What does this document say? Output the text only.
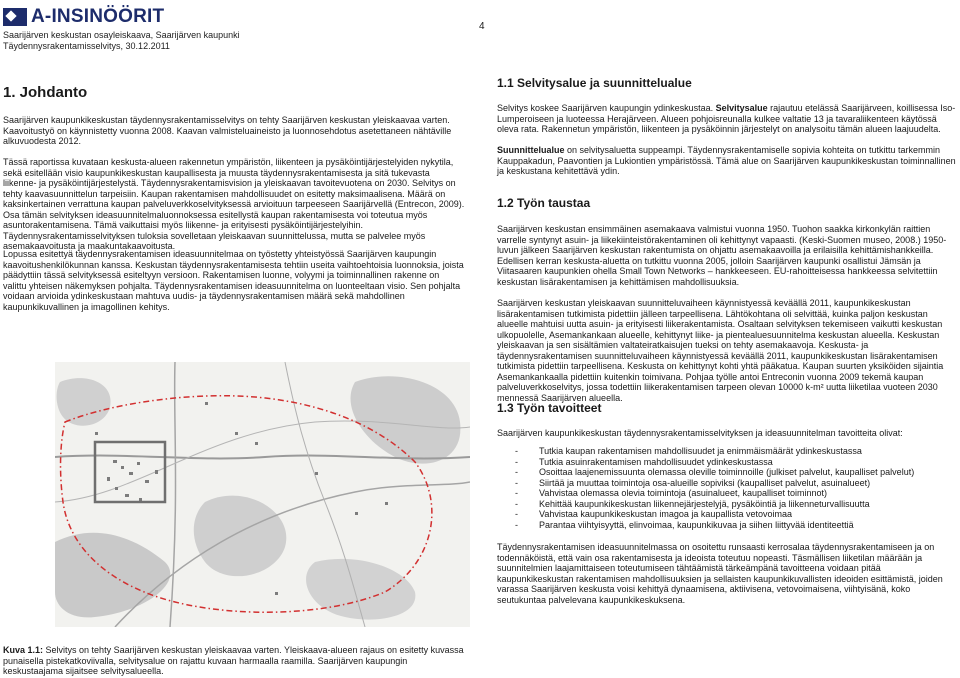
A-INSINÖÖRIT
Saarijärven keskustan osayleiskaava, Saarijärven kaupunki
Täydennysrakentamisselvitys, 30.12.2011
4
1. Johdanto

Saarijärven kaupunkikeskustan täydennysrakentamisselvitys on tehty Saarijärven keskustan yleiskaavaa varten. Kaavoitustyö on käynnistetty vuonna 2008. Kaavan valmisteluaineisto ja luonnosehdotus asetettaneen nähtäville alkuvuodesta 2012.

Tässä raportissa kuvataan keskusta-alueen rakennetun ympäristön, liikenteen ja pysäköintijärjestelyiden nykytila, sekä esitellään visio kaupunkikeskustan kaupallisesta ja muusta täydennysrakentamisesta ja sitä tukevasta liikenne- ja pysäköintijärjestelystä. Täydennysrakentamisvision ja yleiskaavan tavoitevuotena on 2030. Selvitys on tehty kaavasuunnittelun tarpeisiin. Kaupan rakentamisen mahdollisuudet on esitetty maksimaalisena. Määrä on kaksinkertainen verrattuna kaupan palveluverkkoselvityksessä arvioituun tarpeeseen Saarijärvellä (Entrecon, 2009). Osa tämän selvityksen ideasuunnitelmaluonnoksessa esitellystä kaupan rakentamisesta voi toteutua myös asuntorakentamisena. Tämä vaikuttaisi myös liikenne- ja erityisesti pysäköintijärjestelyihin. Täydennysrakentamisselvityksen tuloksia sovelletaan yleiskaavan suunnittelussa, mutta se palvelee myös asemakaavoitusta ja maakuntakaavoitusta.

Lopussa esitettyä täydennysrakentamisen ideasuunnitelmaa on työstetty yhteistyössä Saarijärven kaupungin kaavoitushenkilökunnan kanssa. Keskustan täydennysrakentamisesta tehtiin useita vaihtoehtoisia luonnoksia, joista päädyttiin tässä selvityksessä esiteltyyn versioon. Rakentamisen luonne, volyymi ja toiminnallinen rakenne on valittu yhteisen näkemyksen pohjalta. Täydennysrakentamisen ideasuunnitelma on luonteeltaan visio. Sen pohjalta voidaan arvioida ydinkeskustaan mahtuva uudis- ja täydennysrakentamisen määrä sekä mahdollinen kaupunkikuvallinen ja imagollinen kehitys.

1.1 Selvitysalue ja suunnittelualue

Selvitys koskee Saarijärven kaupungin ydinkeskustaa. Selvitysalue rajautuu etelässä Saarijärveen, koillisessa Iso-Lumperoiseen ja luoteessa Herajärveen. Alueen pohjoisreunalla kulkee valtatie 13 ja tavaraliikenteen käytössä oleva rata. Rakennetun ympäristön, liikenteen ja pysäköinnin järjestelyt on analysoitu tämän alueen laajuudelta.

Suunnittelualue on selvitysaluetta suppeampi. Täydennysrakentamiselle sopivia kohteita on tutkittu tarkemmin Kauppakadun, Paavontien ja Lukiontien ympäristössä. Tämä alue on Saarijärven kaupunkikeskustan toiminnallinen ja keskustana kehitettävä ydin.

1.2 Työn taustaa

Saarijärven keskustan ensimmäinen asemakaava valmistui vuonna 1950. Tuohon saakka kirkonkylän raittien varrelle syntynyt asuin- ja liikekiinteistörakentaminen oli kehittynyt vapaasti. (Keski-Suomen museo, 2008.) 1950-luvun jälkeen Saarijärven keskustan rakentumista on ohjattu asemakaavoilla ja erilaisilla kehittämishankkeilla. Edellisen kerran keskusta-aluetta on tutkittu vuonna 2005, jolloin Saarijärven kaupunki osallistui Jämsän ja Viitasaaren kaupunkien ohella Small Town Networks – hankkeeseen. EU-rahoitteisessa hankkeessa selvitettiin keskustan lisärakentamisen ja kehittämisen mahdollisuuksia.

Saarijärven keskustan yleiskaavan suunnitteluvaiheen käynnistyessä keväällä 2011, kaupunkikeskustan lisärakentamisen tutkimista pidettiin jälleen tarpeellisena. Lähtökohtana oli selvittää, kuinka paljon keskustan alueelle mahtuisi uutta asuin- ja erityisesti liikerakentamista. Osaltaan selvityksen tekemiseen vaikutti keskustan ulkopuolelle, Asemankankaan alueelle, kehittynyt liike- ja pientealuesuunnitelma keskustan alueella. Keskustan yleiskaavan ja sen sisältämien valtateiratkaisujen tueksi on tehty asemakaavoja. Keskusta- ja täydennysrakentamisen suunnitteluvaiheen käynnistyessä keväällä 2011, kaupunkikeskustan lisärakentamisen tutkimista pidettiin tarpeellisena. Keskusta on kehittynyt kohti yhtä pääkatua. Kaupan suurten yksiköiden sijaintia Asemankankaalla pidettiin kuitenkin toimivana. Pohjaa työlle antoi Entreconin vuonna 2009 tekemä kaupan palveluverkkoselvitys, jossa todettiin liikerakentamisen tarpeen olevan 10000 k-m² uutta liiketilaa vuoteen 2030 mennessä Saarijärven alueella.

1.3 Työn tavoitteet

Saarijärven kaupunkikeskustan täydennysrakentamisselvityksen ja ideasuunnitelman tavoitteita olivat:

-	Tutkia kaupan rakentamisen mahdollisuudet ja enimmäismäärät ydinkeskustassa
-	Tutkia asuinrakentamisen mahdollisuudet ydinkeskustassa
-	Osoittaa laajenemissuunta olemassa oleville toiminnoille (julkiset palvelut, kaupalliset palvelut)
-	Siirtää ja muuttaa toimintoja osa-alueille sopiviksi (kaupalliset palvelut, asuinalueet)
-	Vahvistaa olemassa olevia toimintoja (asuinalueet, kaupalliset toiminnot)
-	Kehittää kaupunkikeskustan liikennejärjestelyjä, pysäköintiä ja liikenneturvallisuutta
-	Vahvistaa kaupunkikeskustan imagoa ja kaupallista vetovoimaa
-	Parantaa viihtyisyyttä, elinvoimaa, kaupunkikuvaa ja siihen liittyvää identiteettiä

Täydennysrakentamisen ideasuunnitelmassa on osoitettu runsaasti kerrosalaa täydennysrakentamiseen ja on todennäköistä, että vain osa rakentamisesta ja ideoista toteutuu nopeasti. Täsmällisen liiketilan määrään ja suunnitelmien laajamittaiseen toteutumiseen tähtäämistä tärkeämpänä tavoitteena voidaan pitää kaupunkikeskustan rakentamisen mahdollisuuksien ja sellaisten kaupunkikuvallisten ideoiden esittämistä, joiden varassa Saarijärven keskusta voisi kehittyä dynaamisena, aktiivisena, vetovoimaisena, viihtyisänä, koko seutukuntaa palvelevana kaupunkikeskuksena.

Kuva 1.1: Selvitys on tehty Saarijärven keskustan yleiskaavaa varten. Yleiskaava-alueen rajaus on esitetty kuvassa punaisella pistekatkoviivalla, selvitysalue on rajattu kuvaan harmaalla raamilla. Saarijärven kaupungin keskustaajama sijaitsee selvitysalueella.
